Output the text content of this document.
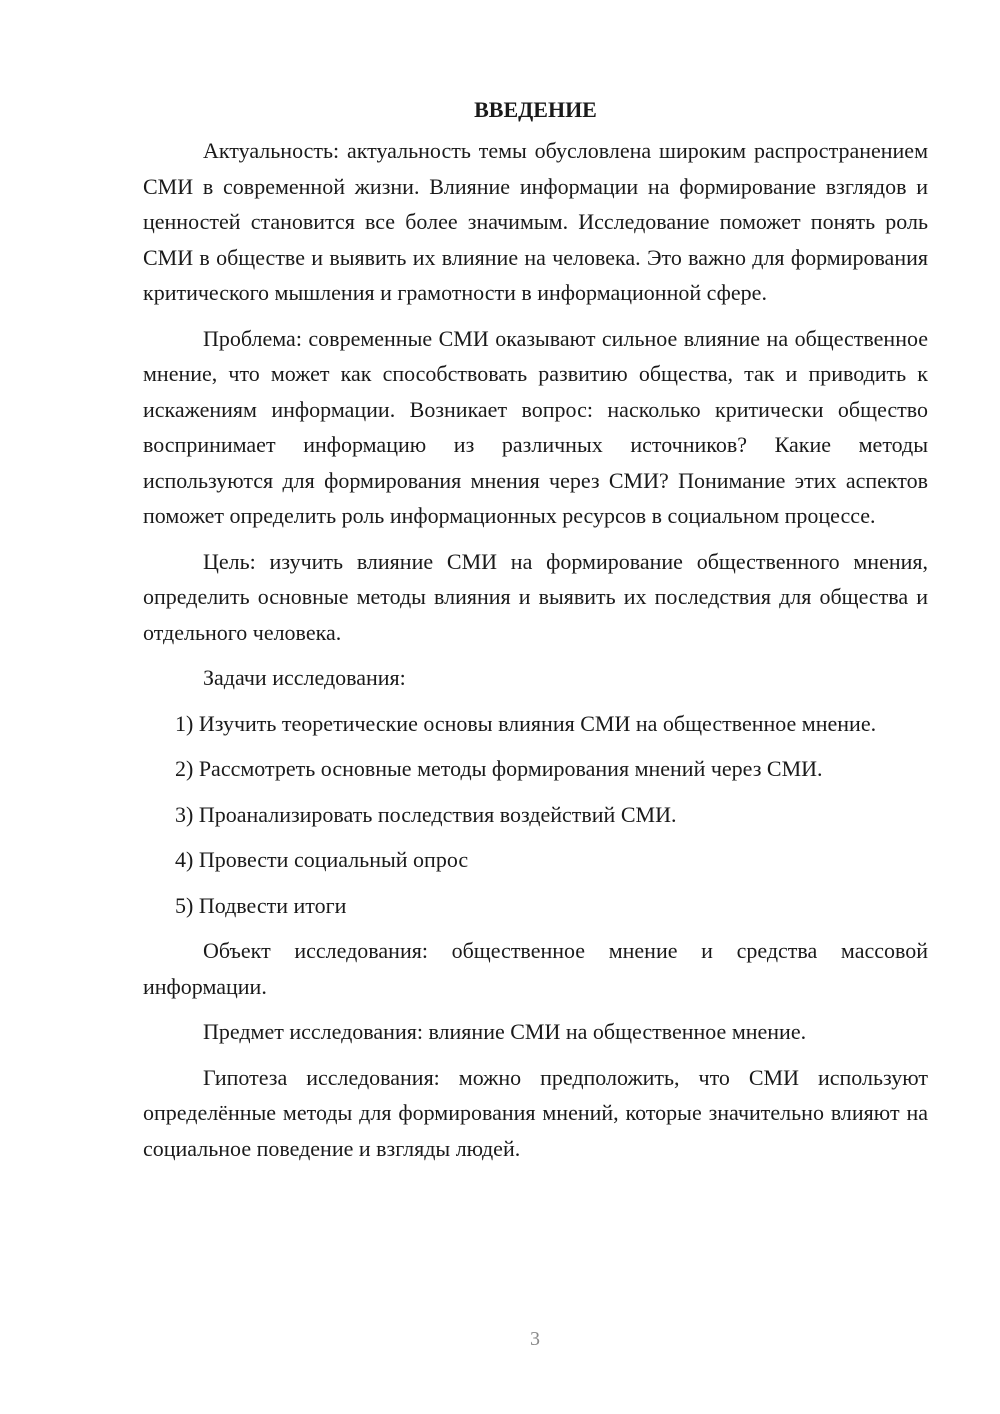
ВВЕДЕНИЕ

Актуальность: актуальность темы обусловлена широким распространением СМИ в современной жизни. Влияние информации на формирование взглядов и ценностей становится все более значимым. Исследование поможет понять роль СМИ в обществе и выявить их влияние на человека. Это важно для формирования критического мышления и грамотности в информационной сфере.

Проблема: современные СМИ оказывают сильное влияние на общественное мнение, что может как способствовать развитию общества, так и приводить к искажениям информации. Возникает вопрос: насколько критически общество воспринимает информацию из различных источников? Какие методы используются для формирования мнения через СМИ? Понимание этих аспектов поможет определить роль информационных ресурсов в социальном процессе.

Цель: изучить влияние СМИ на формирование общественного мнения, определить основные методы влияния и выявить их последствия для общества и отдельного человека.

Задачи исследования:

1) Изучить теоретические основы влияния СМИ на общественное мнение.

2) Рассмотреть основные методы формирования мнений через СМИ.

3) Проанализировать последствия воздействий СМИ.

4) Провести социальный опрос

5) Подвести итоги

Объект исследования: общественное мнение и средства массовой информации.

Предмет исследования: влияние СМИ на общественное мнение.

Гипотеза исследования: можно предположить, что СМИ используют определённые методы для формирования мнений, которые значительно влияют на социальное поведение и взгляды людей.

3
